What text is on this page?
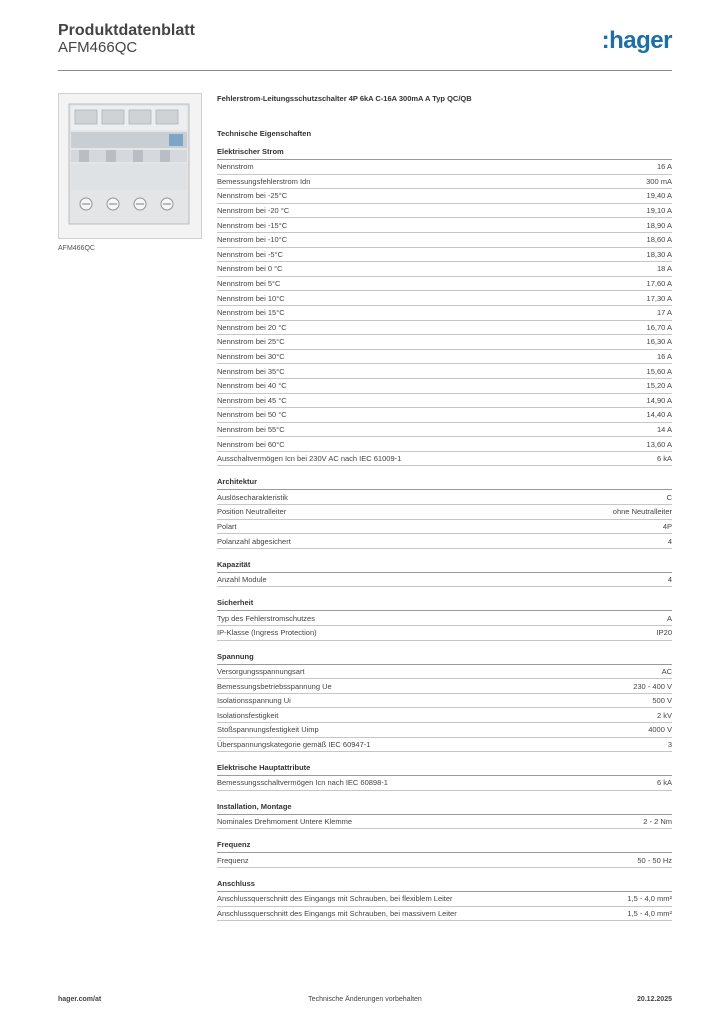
Produktdatenblatt
AFM466QC	:hager
AFM466QC
Fehlerstrom-Leitungsschutzschalter 4P 6kA C-16A 300mA A Typ QC/QB
Technische Eigenschaften
Elektrischer Strom
Nennstrom	16 A
Bemessungsfehlerstrom Idn	300 mA
Nennstrom bei -25°C	19,40 A
Nennstrom bei -20 °C	19,10 A
Nennstrom bei -15°C	18,90 A
Nennstrom bei -10°C	18,60 A
Nennstrom bei -5°C	18,30 A
Nennstrom bei 0 °C	18 A
Nennstrom bei 5°C	17,60 A
Nennstrom bei 10°C	17,30 A
Nennstrom bei 15°C	17 A
Nennstrom bei 20 °C	16,70 A
Nennstrom bei 25°C	16,30 A
Nennstrom bei 30°C	16 A
Nennstrom bei 35°C	15,60 A
Nennstrom bei 40 °C	15,20 A
Nennstrom bei 45 °C	14,90 A
Nennstrom bei 50 °C	14,40 A
Nennstrom bei 55°C	14 A
Nennstrom bei 60°C	13,60 A
Ausschaltvermögen Icn bei 230V AC nach IEC 61009-1	6 kA
Architektur
Auslösecharakteristik	C
Position Neutralleiter	ohne Neutralleiter
Polart	4P
Polanzahl abgesichert	4
Kapazität
Anzahl Module	4
Sicherheit
Typ des Fehlerstromschutzes	A
IP-Klasse (Ingress Protection)	IP20
Spannung
Versorgungsspannungsart	AC
Bemessungsbetriebsspannung Ue	230 - 400 V
Isolationsspannung Ui	500 V
Isolationsfestigkeit	2 kV
Stoßspannungsfestigkeit Uimp	4000 V
Überspannungskategorie gemäß IEC 60947-1	3
Elektrische Hauptattribute
Bemessungsschaltvermögen Icn nach IEC 60898-1	6 kA
Installation, Montage
Nominales Drehmoment Untere Klemme	2 - 2 Nm
Frequenz
Frequenz	50 - 50 Hz
Anschluss
Anschlussquerschnitt des Eingangs mit Schrauben, bei flexiblem Leiter	1,5 - 4,0 mm²
Anschlussquerschnitt des Eingangs mit Schrauben, bei massivem Leiter	1,5 - 4,0 mm²
Technische Änderungen vorbehalten
hager.com/at	20.12.2025
